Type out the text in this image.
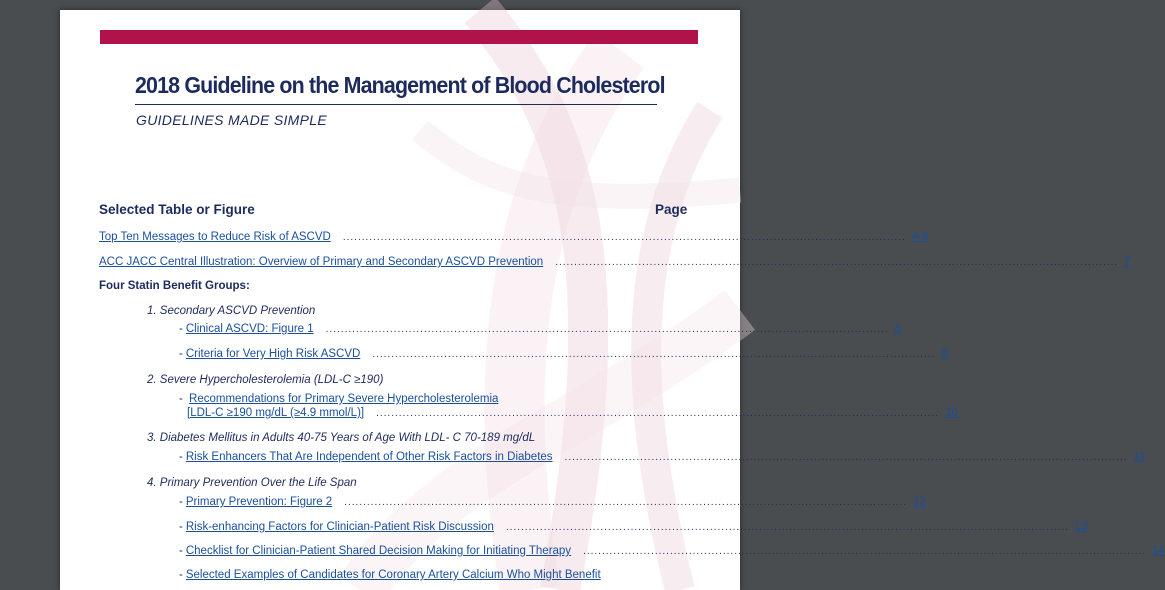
2018 Guideline on the Management of Blood Cholesterol
GUIDELINES MADE SIMPLE
Selected Table or Figure	Page
Top Ten Messages to Reduce Risk of ASCVD ..................................................................................................................................................... 4-6
ACC JACC Central Illustration: Overview of Primary and Secondary ASCVD Prevention ..................................................................................................................................................... 7
Four Statin Benefit Groups:
1. Secondary ASCVD Prevention
- Clinical ASCVD: Figure 1 ..................................................................................................................................................... 8
- Criteria for Very High Risk ASCVD ..................................................................................................................................................... 9
2. Severe Hypercholesterolemia (LDL-C ≥190)
- Recommendations for Primary Severe Hypercholesterolemia
[LDL-C ≥190 mg/dL (≥4.9 mmol/L)] ..................................................................................................................................................... 10
3. Diabetes Mellitus in Adults 40-75 Years of Age With LDL- C 70-189 mg/dL
- Risk Enhancers That Are Independent of Other Risk Factors in Diabetes ..................................................................................................................................................... 11
4. Primary Prevention Over the Life Span
- Primary Prevention: Figure 2 ..................................................................................................................................................... 12
- Risk-enhancing Factors for Clinician-Patient Risk Discussion ..................................................................................................................................................... 13
- Checklist for Clinician-Patient Shared Decision Making for Initiating Therapy ..................................................................................................................................................... 14
- Selected Examples of Candidates for Coronary Artery Calcium Who Might Benefit
